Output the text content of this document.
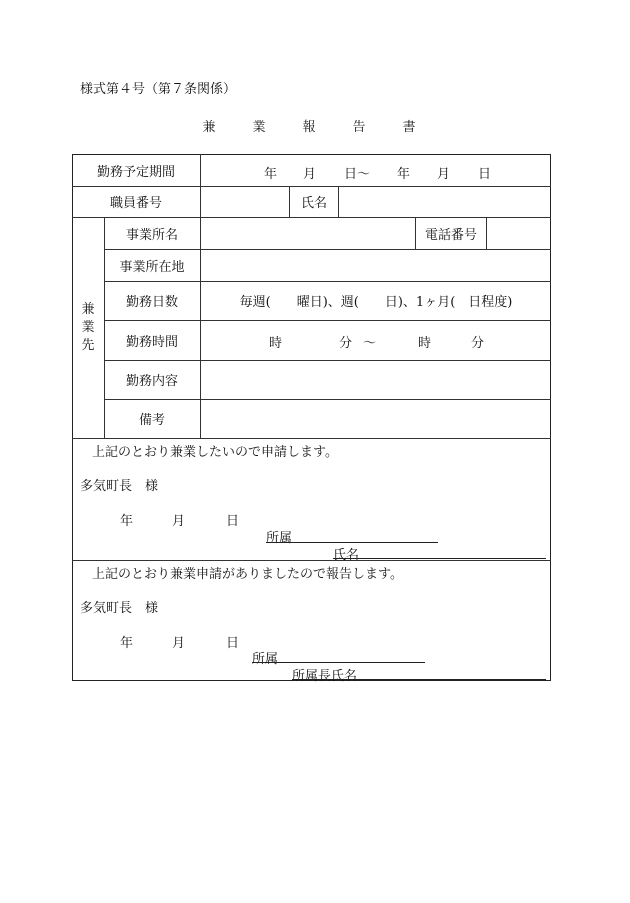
様式第４号（第７条関係）
兼　業　報　告　書
勤務予定期間	年 月 日～ 年 月 日
職員番号	氏名
兼
業
先
事業所名	電話番号
事業所在地
勤務日数	毎週(　　曜日)、週(　　日)、1ヶ月(　日程度)
勤務時間	時	分 ～	時	分
勤務内容
備考
上記のとおり兼業したいので申請します。
多気町長　様
年	月	日
所属
氏名
上記のとおり兼業申請がありましたので報告します。
多気町長　様
年	月	日
所属
所属長氏名
